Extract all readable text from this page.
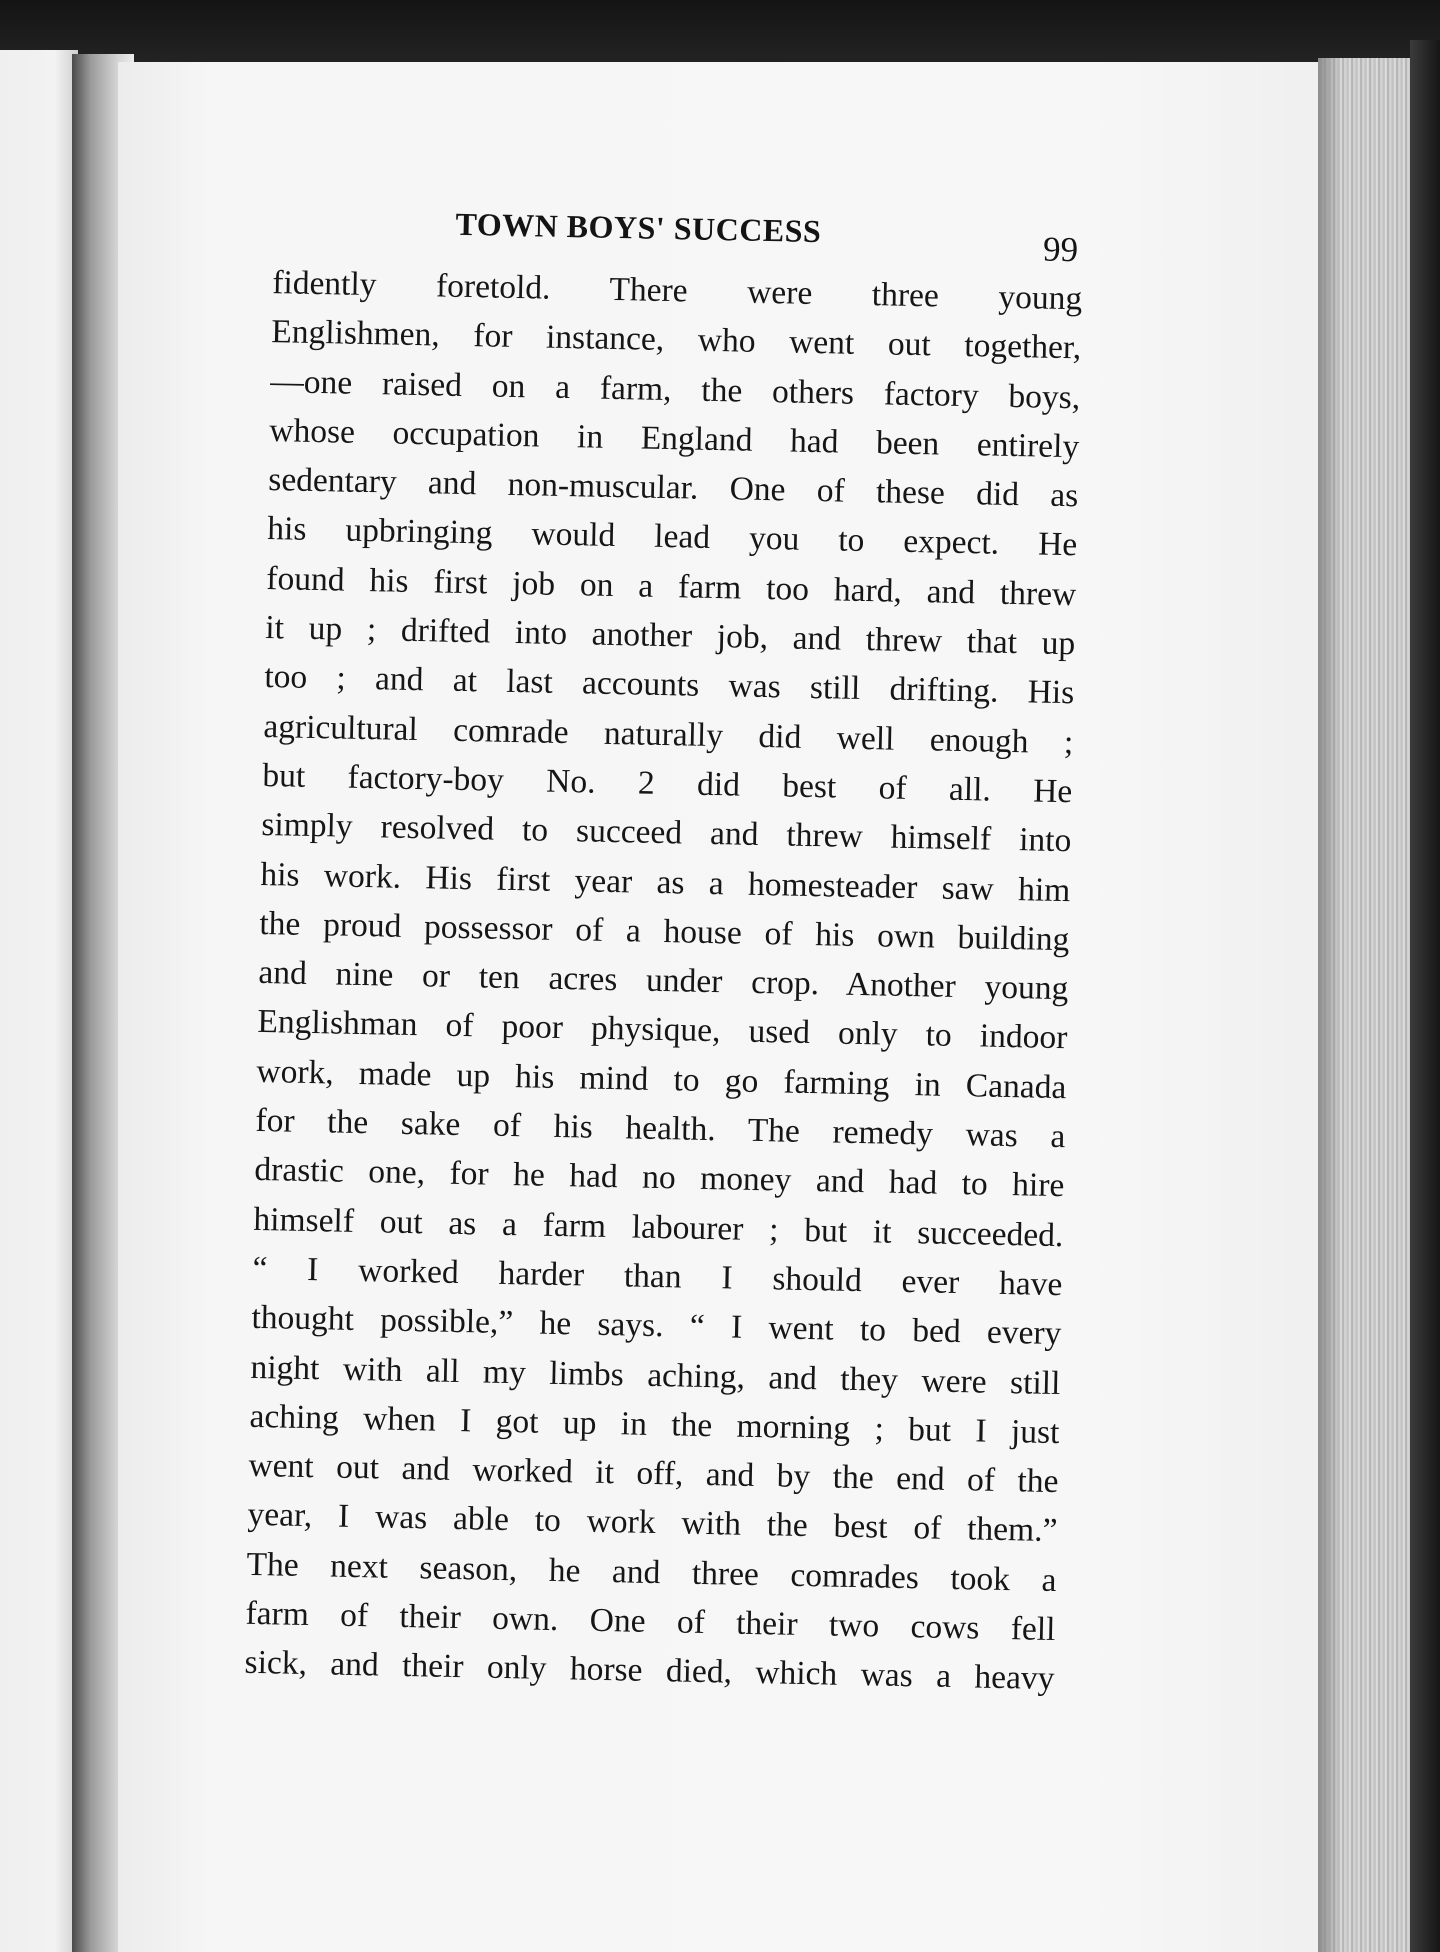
TOWN BOYS' SUCCESS
99
fidently foretold. There were three young
Englishmen, for instance, who went out together,
—one raised on a farm, the others factory boys,
whose occupation in England had been entirely
sedentary and non-muscular. One of these did as
his upbringing would lead you to expect. He
found his first job on a farm too hard, and threw
it up ; drifted into another job, and threw that up
too ; and at last accounts was still drifting. His
agricultural comrade naturally did well enough ;
but factory-boy No. 2 did best of all. He
simply resolved to succeed and threw himself into
his work. His first year as a homesteader saw him
the proud possessor of a house of his own building
and nine or ten acres under crop. Another young
Englishman of poor physique, used only to indoor
work, made up his mind to go farming in Canada
for the sake of his health. The remedy was a
drastic one, for he had no money and had to hire
himself out as a farm labourer ; but it succeeded.
“ I worked harder than I should ever have
thought possible,” he says. “ I went to bed every
night with all my limbs aching, and they were still
aching when I got up in the morning ; but I just
went out and worked it off, and by the end of the
year, I was able to work with the best of them.”
The next season, he and three comrades took a
farm of their own. One of their two cows fell
sick, and their only horse died, which was a heavy
